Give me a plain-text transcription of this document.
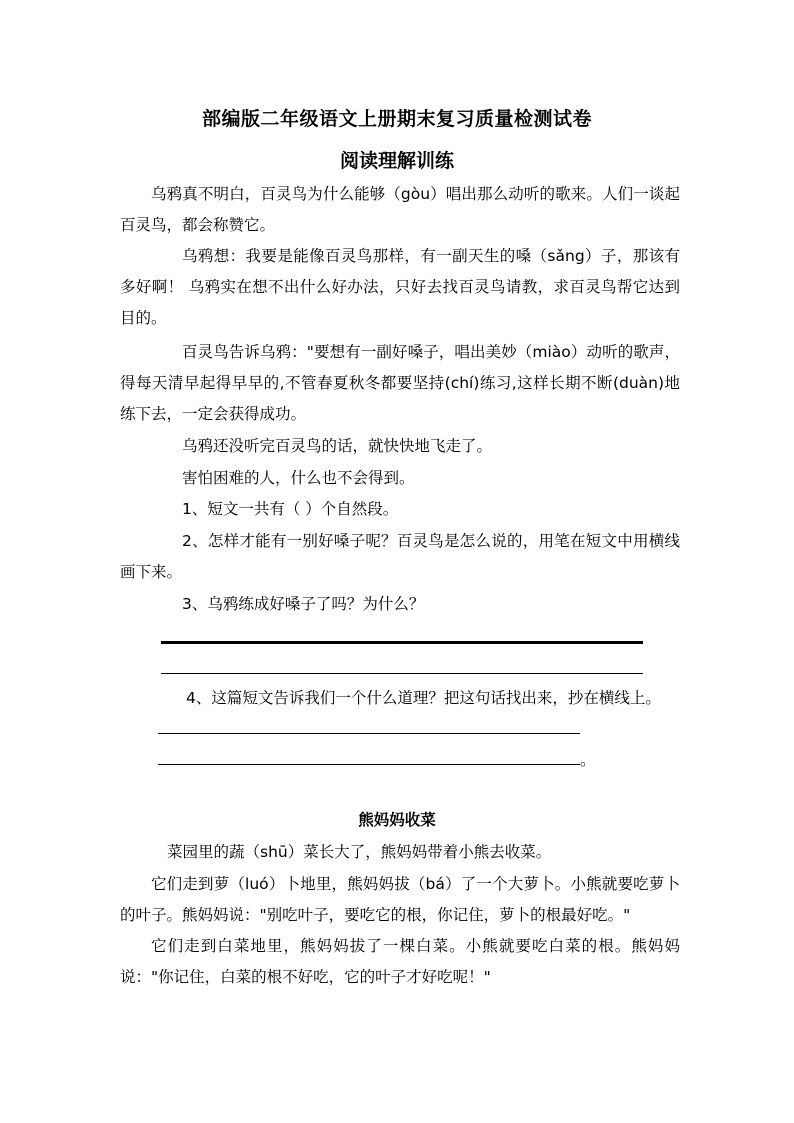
部编版二年级语文上册期末复习质量检测试卷
阅读理解训练
乌鸦真不明白，百灵鸟为什么能够（gòu）唱出那么动听的歌来。人们一谈起百灵鸟，都会称赞它。
乌鸦想：我要是能像百灵鸟那样，有一副天生的嗓（sǎng）子，那该有多好啊！ 乌鸦实在想不出什么好办法，只好去找百灵鸟请教，求百灵鸟帮它达到目的。
百灵鸟告诉乌鸦："要想有一副好嗓子，唱出美妙（miào）动听的歌声，得每天清早起得早早的,不管春夏秋冬都要坚持(chí)练习,这样长期不断(duàn)地练下去，一定会获得成功。
乌鸦还没听完百灵鸟的话，就快快地飞走了。
害怕困难的人，什么也不会得到。
1、短文一共有（ ）个自然段。
2、怎样才能有一别好嗓子呢？百灵鸟是怎么说的，用笔在短文中用横线画下来。
3、乌鸦练成好嗓子了吗？为什么？
4、这篇短文告诉我们一个什么道理？把这句话找出来，抄在横线上。
。
熊妈妈收菜
菜园里的蔬（shū）菜长大了，熊妈妈带着小熊去收菜。
它们走到萝（luó）卜地里，熊妈妈拔（bá）了一个大萝卜。小熊就要吃萝卜的叶子。熊妈妈说："别吃叶子，要吃它的根，你记住，萝卜的根最好吃。"
它们走到白菜地里，熊妈妈拔了一棵白菜。小熊就要吃白菜的根。熊妈妈说："你记住，白菜的根不好吃，它的叶子才好吃呢！"
